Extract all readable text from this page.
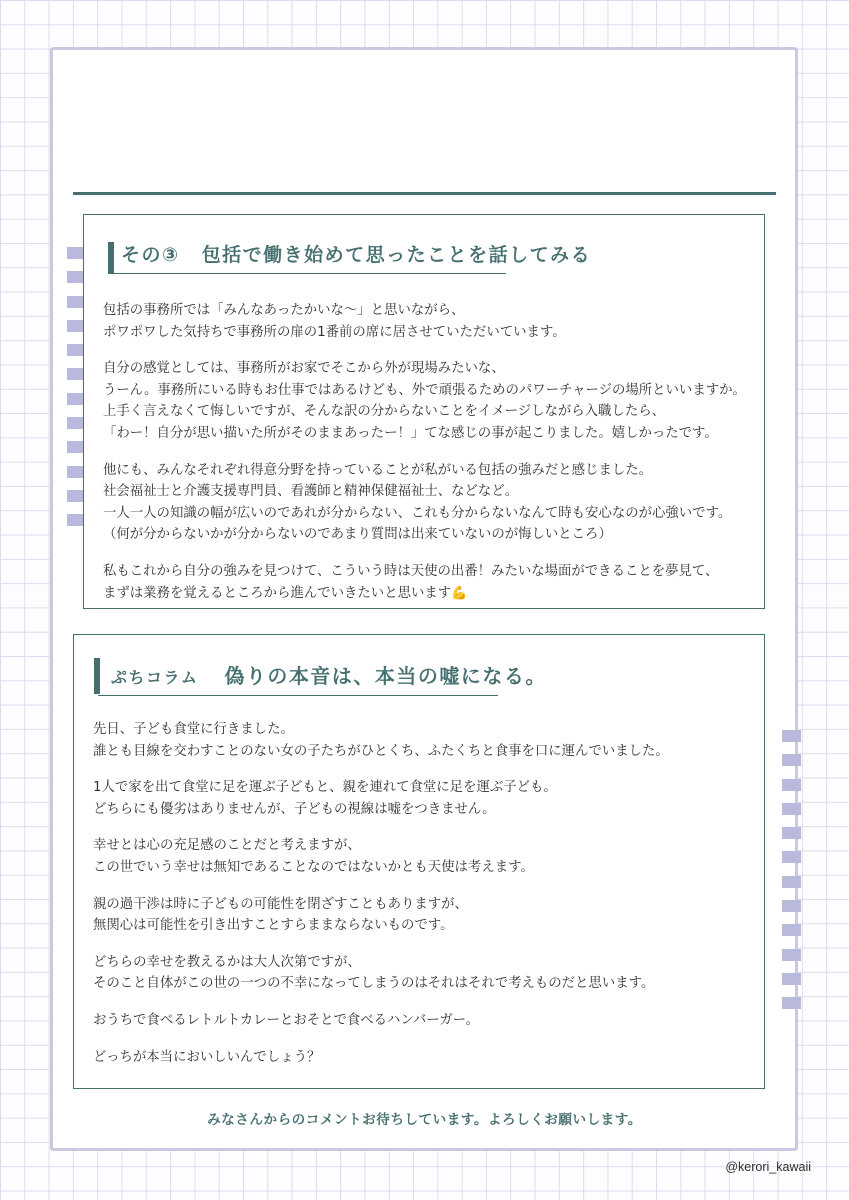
その③ 包括で働き始めて思ったことを話してみる
包括の事務所では「みんなあったかいな〜」と思いながら、
ポワポワした気持ちで事務所の扉の1番前の席に居させていただいています。
自分の感覚としては、事務所がお家でそこから外が現場みたいな、
うーん。事務所にいる時もお仕事ではあるけども、外で頑張るためのパワーチャージの場所といいますか。
上手く言えなくて悔しいですが、そんな訳の分からないことをイメージしながら入職したら、
「わー！自分が思い描いた所がそのままあったー！」てな感じの事が起こりました。嬉しかったです。
他にも、みんなそれぞれ得意分野を持っていることが私がいる包括の強みだと感じました。
社会福祉士と介護支援専門員、看護師と精神保健福祉士、などなど。
一人一人の知識の幅が広いのであれが分からない、これも分からないなんて時も安心なのが心強いです。
（何が分からないかが分からないのであまり質問は出来ていないのが悔しいところ）
私もこれから自分の強みを見つけて、こういう時は天使の出番！みたいな場面ができることを夢見て、
まずは業務を覚えるところから進んでいきたいと思います💪
ぷちコラム 偽りの本音は、本当の嘘になる。
先日、子ども食堂に行きました。
誰とも目線を交わすことのない女の子たちがひとくち、ふたくちと食事を口に運んでいました。
1人で家を出て食堂に足を運ぶ子どもと、親を連れて食堂に足を運ぶ子ども。
どちらにも優劣はありませんが、子どもの視線は嘘をつきません。
幸せとは心の充足感のことだと考えますが、
この世でいう幸せは無知であることなのではないかとも天使は考えます。
親の過干渉は時に子どもの可能性を閉ざすこともありますが、
無関心は可能性を引き出すことすらままならないものです。
どちらの幸せを教えるかは大人次第ですが、
そのこと自体がこの世の一つの不幸になってしまうのはそれはそれで考えものだと思います。
おうちで食べるレトルトカレーとおそとで食べるハンバーガー。
どっちが本当においしいんでしょう？
みなさんからのコメントお待ちしています。よろしくお願いします。
@kerori_kawaii
